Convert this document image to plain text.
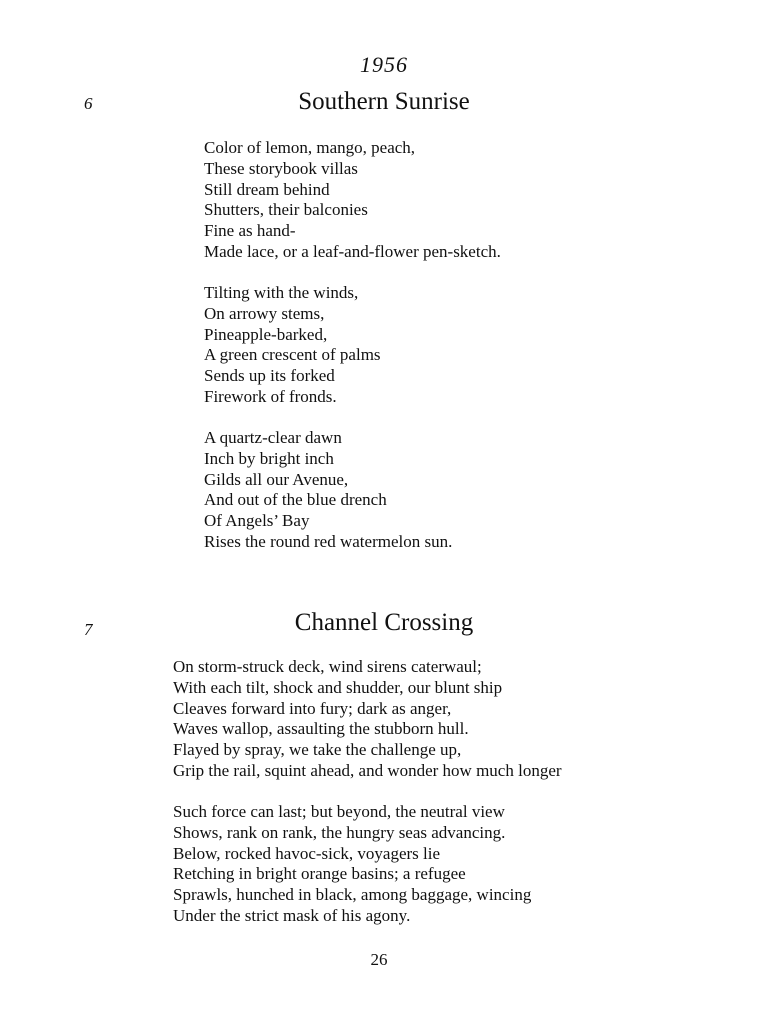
1956
6	Southern Sunrise
Color of lemon, mango, peach,
These storybook villas
Still dream behind
Shutters, their balconies
Fine as hand-
Made lace, or a leaf-and-flower pen-sketch.
Tilting with the winds,
On arrowy stems,
Pineapple-barked,
A green crescent of palms
Sends up its forked
Firework of fronds.
A quartz-clear dawn
Inch by bright inch
Gilds all our Avenue,
And out of the blue drench
Of Angels’ Bay
Rises the round red watermelon sun.
7	Channel Crossing
On storm-struck deck, wind sirens caterwaul;
With each tilt, shock and shudder, our blunt ship
Cleaves forward into fury; dark as anger,
Waves wallop, assaulting the stubborn hull.
Flayed by spray, we take the challenge up,
Grip the rail, squint ahead, and wonder how much longer
Such force can last; but beyond, the neutral view
Shows, rank on rank, the hungry seas advancing.
Below, rocked havoc-sick, voyagers lie
Retching in bright orange basins; a refugee
Sprawls, hunched in black, among baggage, wincing
Under the strict mask of his agony.
26
